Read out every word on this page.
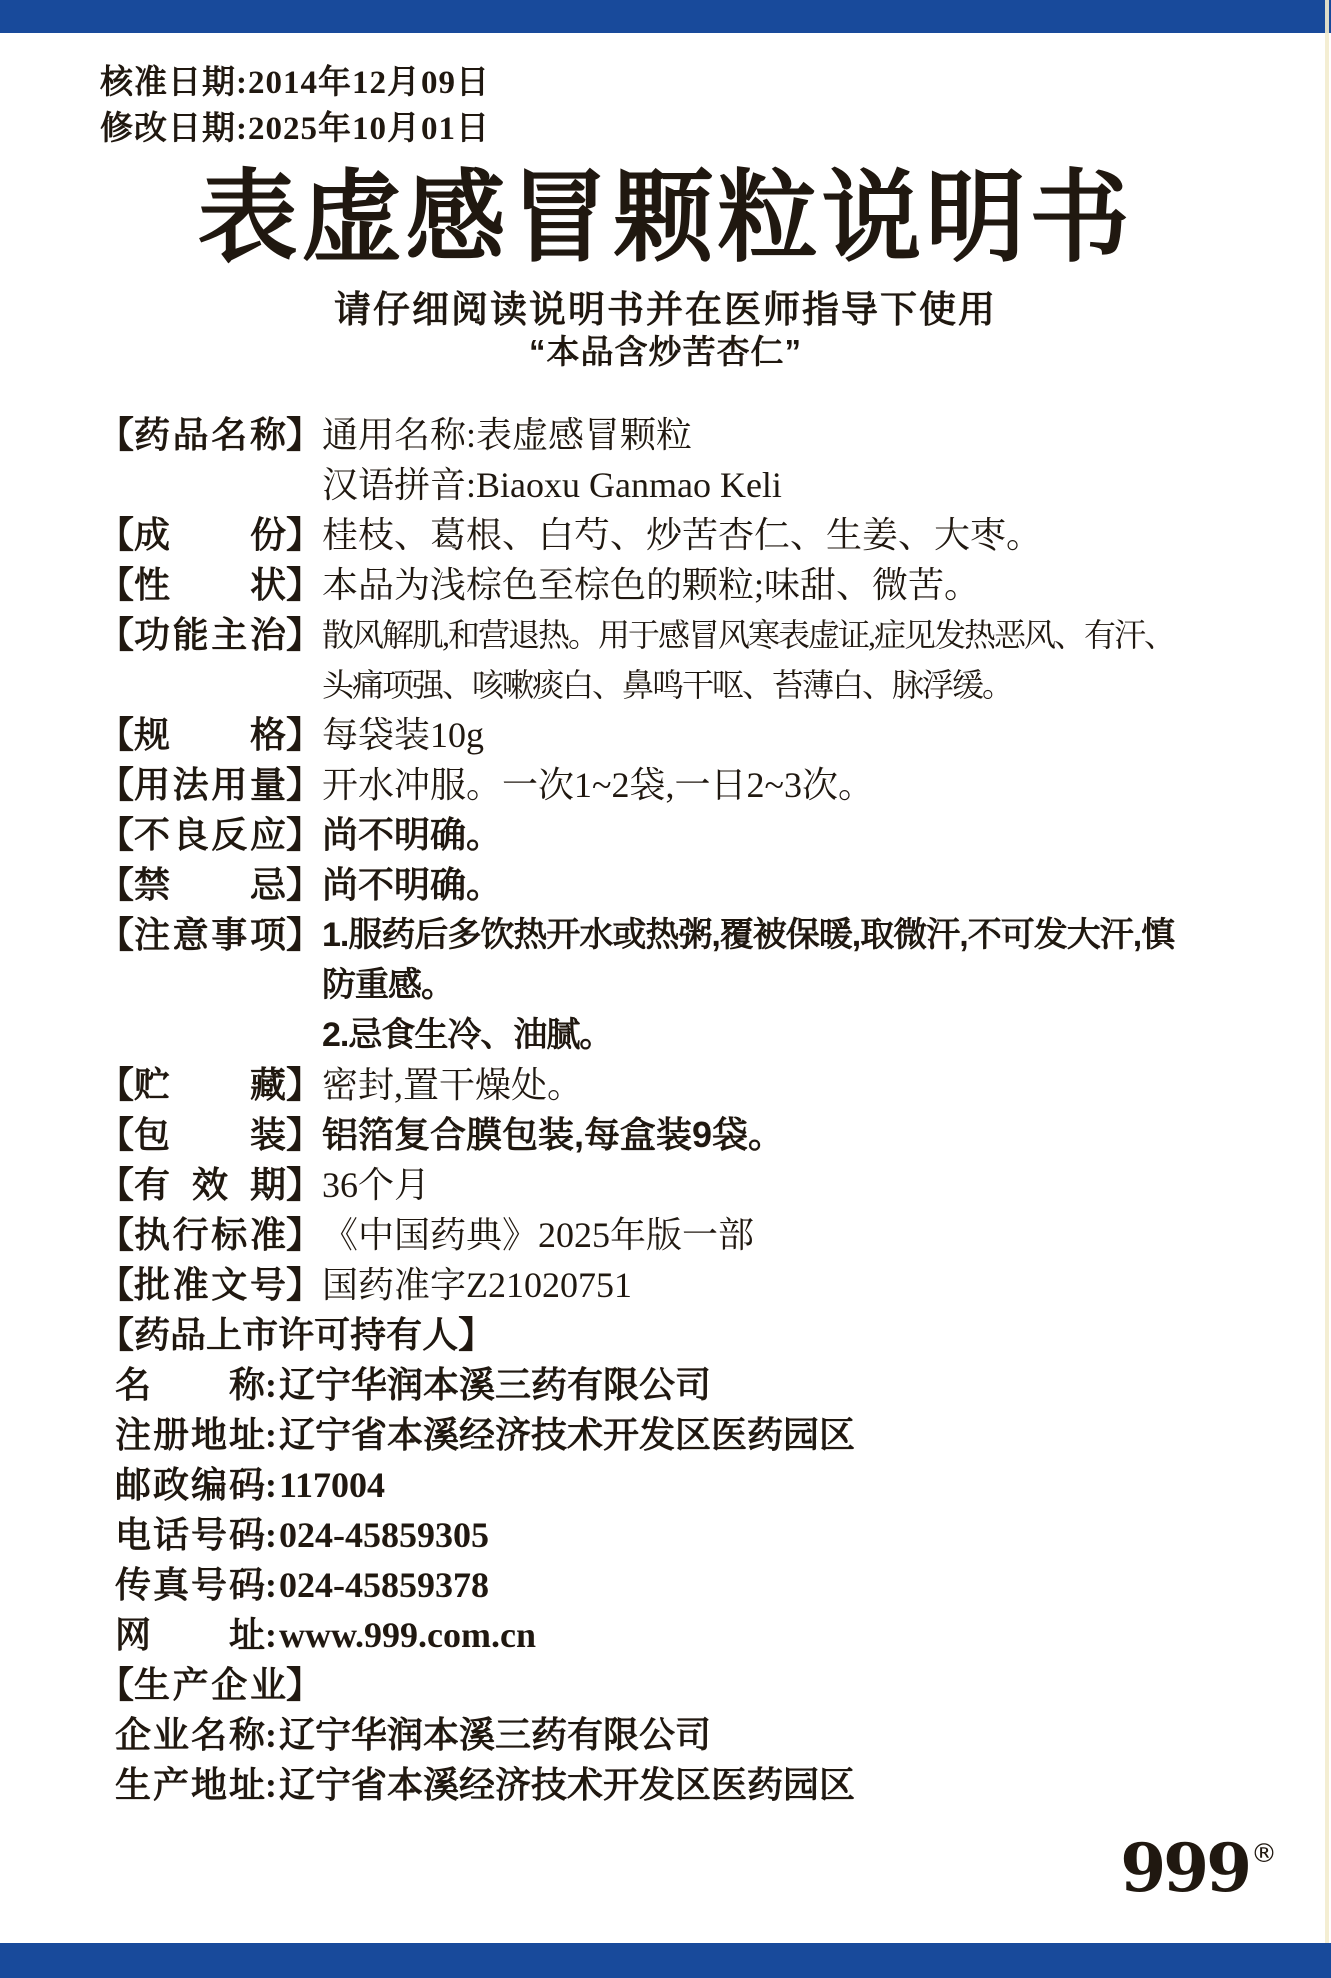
核准日期:2014年12月09日
修改日期:2025年10月01日
表虚感冒颗粒说明书
请仔细阅读说明书并在医师指导下使用
“本品含炒苦杏仁”
【 药 品 名 称 】 通用名称:表虚感冒颗粒
汉语拼音:Biaoxu Ganmao Keli
【 成 份 】 桂枝、葛根、白芍、炒苦杏仁、生姜、大枣。
【 性 状 】 本品为浅棕色至棕色的颗粒;味甜、微苦。
【 功 能 主 治 】 散风解肌,和营退热。用于感冒风寒表虚证,症见发热恶风、有汗、
头痛项强、咳嗽痰白、鼻鸣干呕、苔薄白、脉浮缓。
【 规 格 】 每袋装10g
【 用 法 用 量 】 开水冲服。一次1~2袋,一日2~3次。
【 不 良 反 应 】 尚不明确。
【 禁 忌 】 尚不明确。
【 注 意 事 项 】 1.服药后多饮热开水或热粥,覆被保暖,取微汗,不可发大汗,慎
防重感。
2.忌食生冷、油腻。
【 贮 藏 】 密封,置干燥处。
【 包 装 】 铝箔复合膜包装,每盒装9袋。
【 有 效 期 】 36个月
【 执 行 标 准 】 《中国药典》2025年版一部
【 批 准 文 号 】 国药准字Z21020751
【 药 品 上 市 许 可 持 有 人 】
名 称 : 辽宁华润本溪三药有限公司
注 册 地 址 : 辽宁省本溪经济技术开发区医药园区
邮 政 编 码 : 117004
电 话 号 码 : 024-45859305
传 真 号 码 : 024-45859378
网 址 : www.999.com.cn
【 生 产 企 业 】
企 业 名 称 : 辽宁华润本溪三药有限公司
生 产 地 址 : 辽宁省本溪经济技术开发区医药园区
999®
